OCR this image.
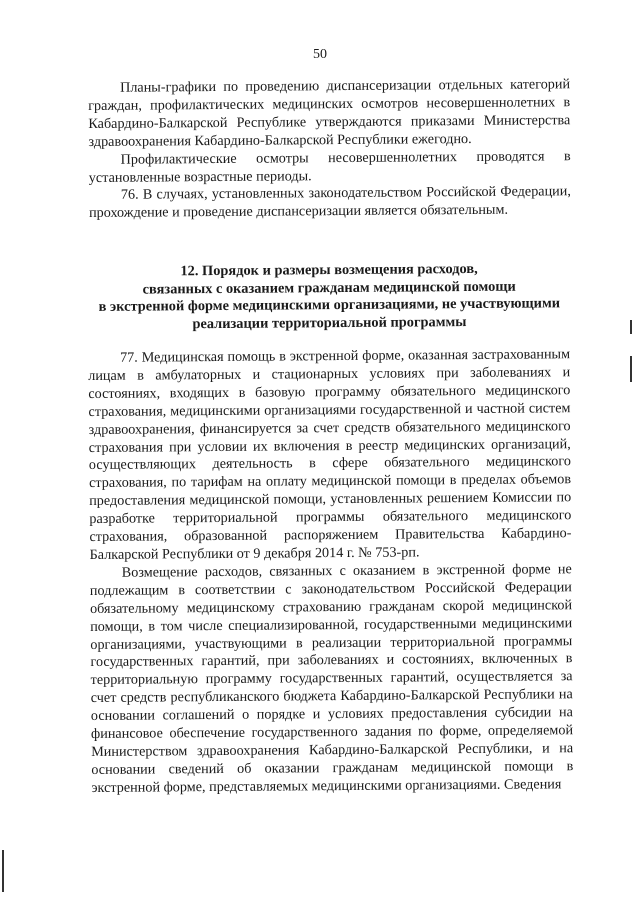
50

Планы-графики по проведению диспансеризации отдельных категорий граждан, профилактических медицинских осмотров несовершеннолетних в Кабардино-Балкарской Республике утверждаются приказами Министерства здравоохранения Кабардино-Балкарской Республики ежегодно.

Профилактические осмотры несовершеннолетних проводятся в установленные возрастные периоды.

76. В случаях, установленных законодательством Российской Федерации, прохождение и проведение диспансеризации является обязательным.

12. Порядок и размеры возмещения расходов,
связанных с оказанием гражданам медицинской помощи
в экстренной форме медицинскими организациями, не участвующими
реализации территориальной программы

77. Медицинская помощь в экстренной форме, оказанная застрахованным лицам в амбулаторных и стационарных условиях при заболеваниях и состояниях, входящих в базовую программу обязательного медицинского страхования, медицинскими организациями государственной и частной систем здравоохранения, финансируется за счет средств обязательного медицинского страхования при условии их включения в реестр медицинских организаций, осуществляющих деятельность в сфере обязательного медицинского страхования, по тарифам на оплату медицинской помощи в пределах объемов предоставления медицинской помощи, установленных решением Комиссии по разработке территориальной программы обязательного медицинского страхования, образованной распоряжением Правительства Кабардино-Балкарской Республики от 9 декабря 2014 г. № 753-рп.

Возмещение расходов, связанных с оказанием в экстренной форме не подлежащим в соответствии с законодательством Российской Федерации обязательному медицинскому страхованию гражданам скорой медицинской помощи, в том числе специализированной, государственными медицинскими организациями, участвующими в реализации территориальной программы государственных гарантий, при заболеваниях и состояниях, включенных в территориальную программу государственных гарантий, осуществляется за счет средств республиканского бюджета Кабардино-Балкарской Республики на основании соглашений о порядке и условиях предоставления субсидии на финансовое обеспечение государственного задания по форме, определяемой Министерством здравоохранения Кабардино-Балкарской Республики, и на основании сведений об оказании гражданам медицинской помощи в экстренной форме, представляемых медицинскими организациями. Сведения
